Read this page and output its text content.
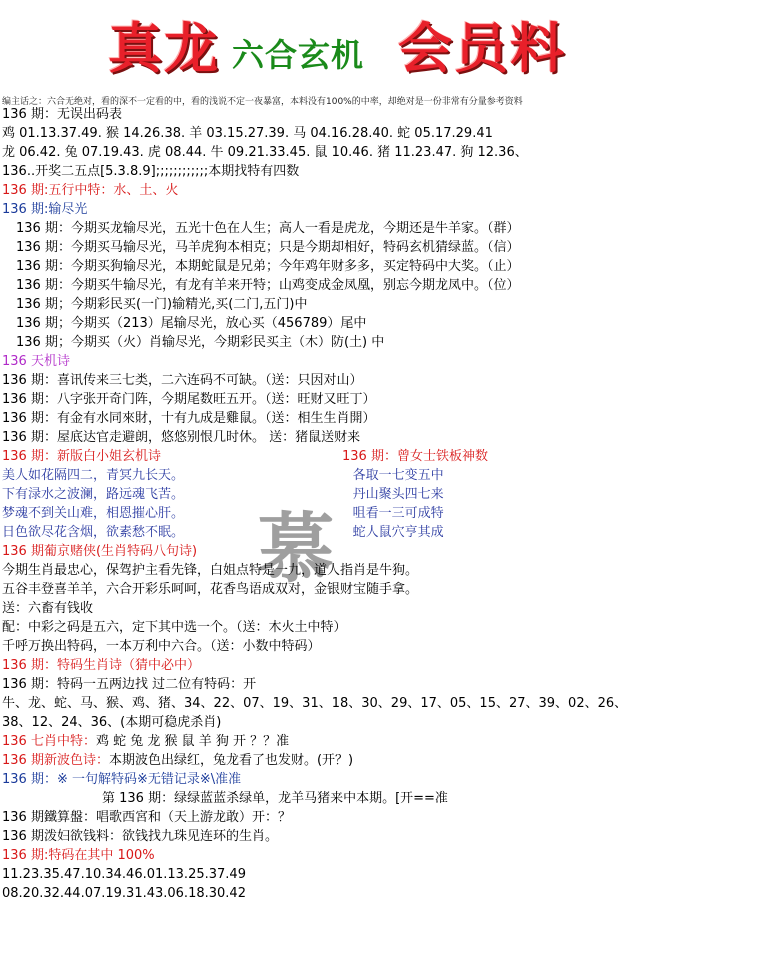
真龙 六合玄机 会员料
编主话之：六合无绝对，看的深不一定看的中，看的浅说不定一夜暴富，本料没有100%的中率，却绝对是一份非常有分量参考资料
慕
136 期：无误出码表
鸡 01.13.37.49. 猴 14.26.38. 羊 03.15.27.39. 马 04.16.28.40. 蛇 05.17.29.41
龙 06.42. 兔 07.19.43. 虎 08.44. 牛 09.21.33.45. 鼠 10.46. 猪 11.23.47. 狗 12.36、
136..开奖二五点[5.3.8.9];;;;;;;;;;;;本期找特有四数
136 期:五行中特：水、土、火
136 期:输尽光
136 期：今期买龙输尽光，五光十色在人生；高人一看是虎龙，今期还是牛羊家。（群）
136 期：今期买马输尽光，马羊虎狗本相克；只是今期却相好，特码玄机猜绿蓝。（信）
136 期：今期买狗输尽光，本期蛇鼠是兄弟；今年鸡年财多多，买定特码中大奖。（止）
136 期：今期买牛输尽光，有龙有羊来开特；山鸡变成金凤凰，别忘今期龙凤中。（位）
136 期；今期彩民买(一门)输精光,买(二门,五门)中
136 期；今期买（213）尾输尽光，放心买（456789）尾中
136 期；今期买（火）肖输尽光，今期彩民买主（木）防(土) 中
136 天机诗
136 期：喜讯传来三七类，二六连码不可缺。（送：只因对山）
136 期：八字张开奇门阵，今期尾数旺五开。（送：旺财又旺丁）
136 期：有金有水同來財，十有九成是雞鼠。（送：相生生肖開）
136 期：屋底达官走避朗，悠悠别恨几时休。 送：猪鼠送财来
136 期：新版白小姐玄机诗	136 期：曾女士铁板神数
美人如花隔四二，青冥九长天。	各取一七变五中
下有渌水之波澜，路远魂飞苦。	丹山聚头四七来
梦魂不到关山难，相恩摧心肝。	咀看一三可成特
日色欲尽花含烟，欲素愁不眠。	蛇人鼠穴亨其成
136 期葡京赌侠(生肖特码八句诗)
今期生肖最忠心，保驾护主看先锋，白姐点特是一九，道人指肖是牛狗。
五谷丰登喜羊羊，六合开彩乐呵呵，花香鸟语成双对，金银财宝随手拿。
送：六畜有钱收
配：中彩之码是五六，定下其中选一个。（送：木火土中特）
千呼万换出特码，一本万利中六合。（送：小数中特码）
136 期：特码生肖诗（猜中必中）
136 期：特码一五两边找 过二位有特码：开
牛、龙、蛇、马、猴、鸡、猪、34、22、07、19、31、18、30、29、17、05、15、27、39、02、26、
38、12、24、36、(本期可稳虎杀肖)
136 七肖中特：鸡 蛇 兔 龙 猴 鼠 羊 狗 开 ？？准
136 期新波色诗：本期波色出绿红，兔龙看了也发财。(开？)
136 期：※ 一句解特码※无错记录※\准准
第 136 期：绿绿蓝蓝杀绿单，龙羊马猪来中本期。[开==准
136 期鐵算盤：唱歌西宮和（天上游龙敢）开：？
136 期泼妇欲钱料：欲钱找九珠见连环的生肖。
136 期:特码在其中 100%
11.23.35.47.10.34.46.01.13.25.37.49
08.20.32.44.07.19.31.43.06.18.30.42
